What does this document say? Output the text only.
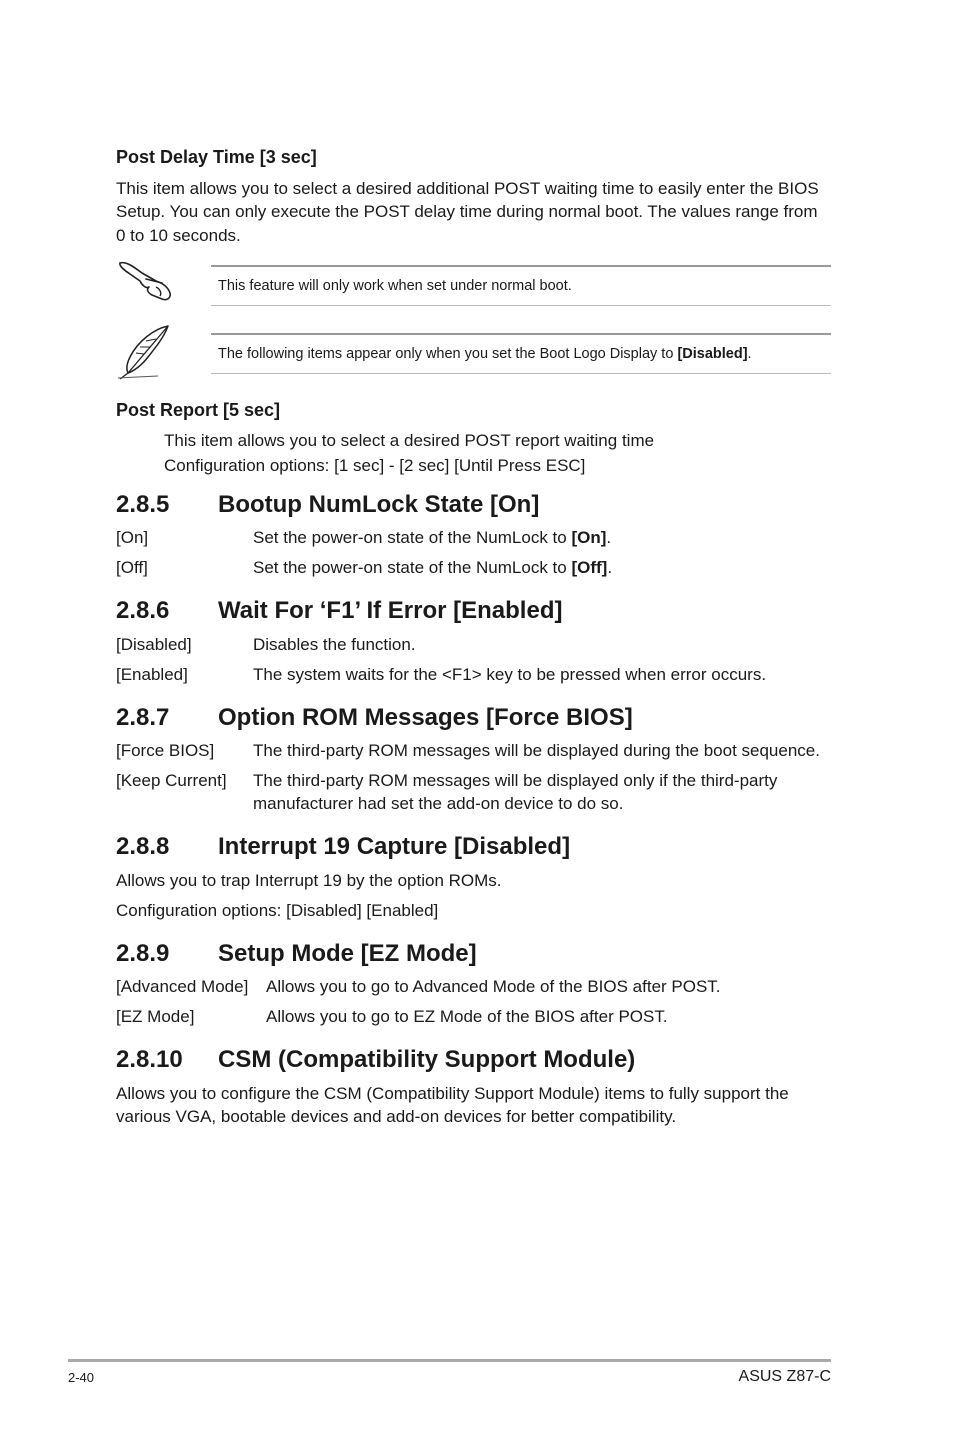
Post Delay Time [3 sec]
This item allows you to select a desired additional POST waiting time to easily enter the BIOS
Setup. You can only execute the POST delay time during normal boot. The values range from
0 to 10 seconds.
This feature will only work when set under normal boot.
The following items appear only when you set the Boot Logo Display to [Disabled].
Post Report [5 sec]
This item allows you to select a desired POST report waiting time
Configuration options: [1 sec] - [2 sec] [Until Press ESC]
2.8.5 Bootup NumLock State [On]
[On]	Set the power-on state of the NumLock to [On].
[Off]	Set the power-on state of the NumLock to [Off].
2.8.6 Wait For ‘F1’ If Error [Enabled]
[Disabled]	Disables the function.
[Enabled]	The system waits for the <F1> key to be pressed when error occurs.
2.8.7 Option ROM Messages [Force BIOS]
[Force BIOS] The third-party ROM messages will be displayed during the boot sequence.
[Keep Current] The third-party ROM messages will be displayed only if the third-party
manufacturer had set the add-on device to do so.
2.8.8 Interrupt 19 Capture [Disabled]
Allows you to trap Interrupt 19 by the option ROMs.
Configuration options: [Disabled] [Enabled]
2.8.9 Setup Mode [EZ Mode]
[Advanced Mode] Allows you to go to Advanced Mode of the BIOS after POST.
[EZ Mode]	Allows you to go to EZ Mode of the BIOS after POST.
2.8.10 CSM (Compatibility Support Module)
Allows you to configure the CSM (Compatibility Support Module) items to fully support the
various VGA, bootable devices and add-on devices for better compatibility.
2-40	ASUS Z87-C
